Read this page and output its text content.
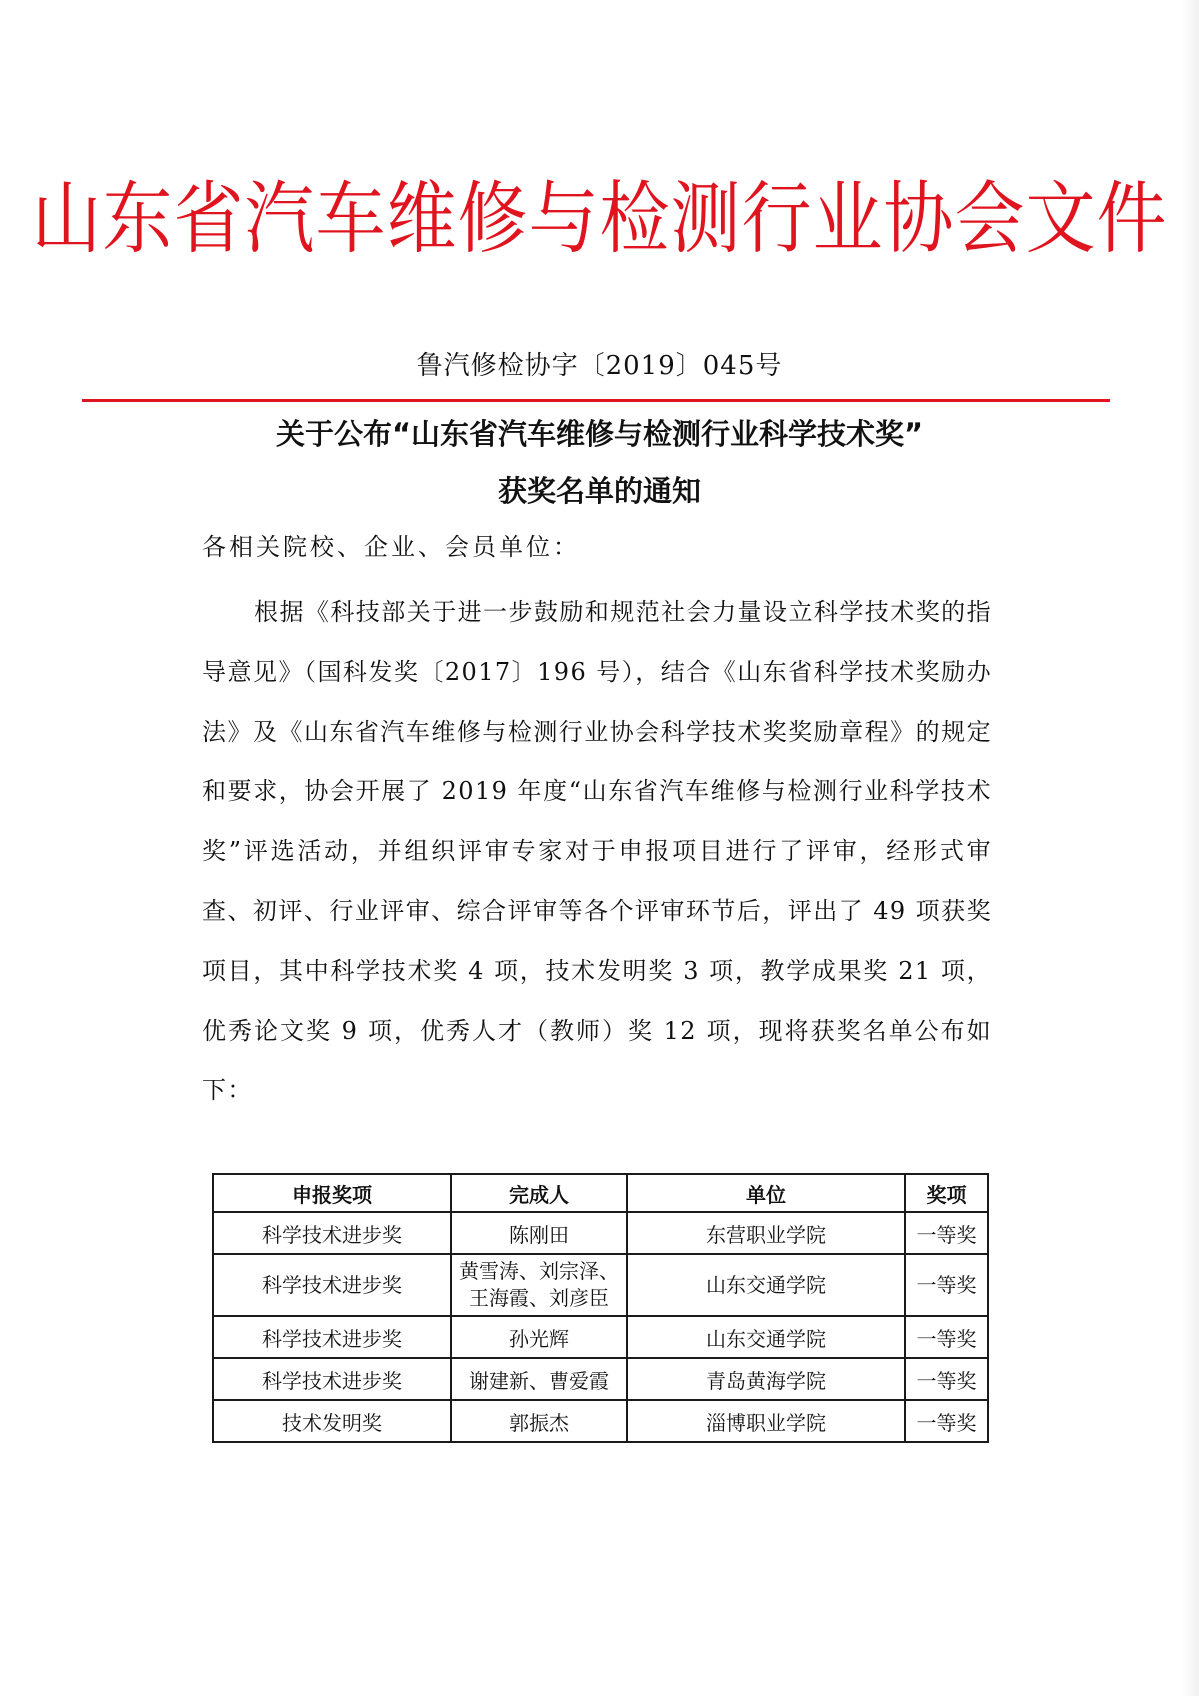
山东省汽车维修与检测行业协会文件
鲁汽修检协字〔2019〕045号
关于公布“山东省汽车维修与检测行业科学技术奖”
获奖名单的通知
各相关院校、企业、会员单位：
根据《科技部关于进一步鼓励和规范社会力量设立科学技术奖的指导意见》（国科发奖〔2017〕196 号），结合《山东省科学技术奖励办法》及《山东省汽车维修与检测行业协会科学技术奖奖励章程》的规定和要求，协会开展了 2019 年度“山东省汽车维修与检测行业科学技术奖”评选活动，并组织评审专家对于申报项目进行了评审，经形式审查、初评、行业评审、综合评审等各个评审环节后，评出了 49 项获奖项目，其中科学技术奖 4 项，技术发明奖 3 项，教学成果奖 21 项，优秀论文奖 9 项，优秀人才（教师）奖 12 项，现将获奖名单公布如下：
申报奖项	完成人	单位	奖项
科学技术进步奖	陈刚田	东营职业学院	一等奖
科学技术进步奖	黄雪涛、刘宗泽、
王海霞、刘彦臣	山东交通学院	一等奖
科学技术进步奖	孙光辉	山东交通学院	一等奖
科学技术进步奖	谢建新、曹爱霞	青岛黄海学院	一等奖
技术发明奖	郭振杰	淄博职业学院	一等奖
